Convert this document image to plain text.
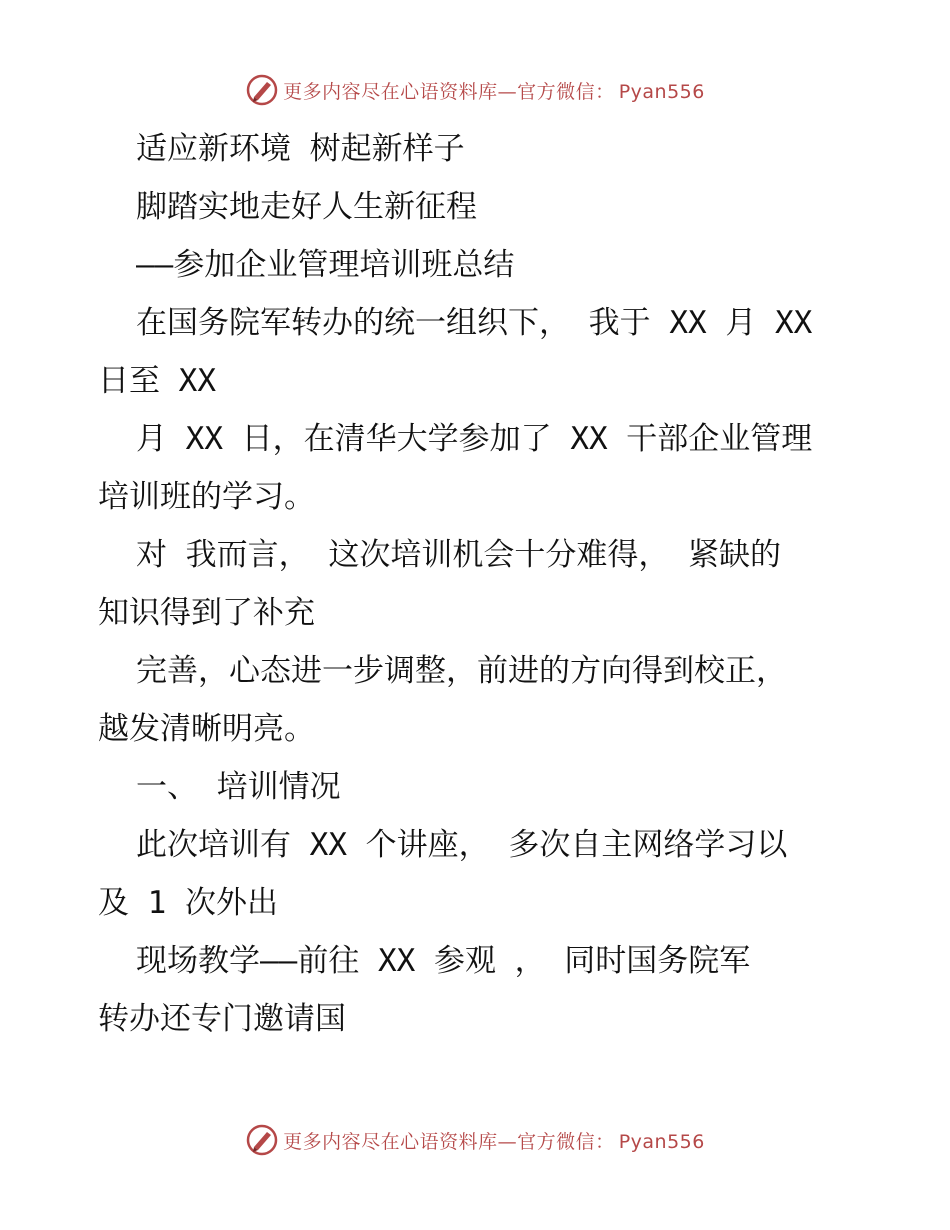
更多内容尽在心语资料库—官方微信： Pyan556
适应新环境 树起新样子
脚踏实地走好人生新征程
——参加企业管理培训班总结
在国务院军转办的统一组织下， 我于 XX 月 XX
日至 XX
月 XX 日，在清华大学参加了 XX 干部企业管理
培训班的学习。
对 我而言， 这次培训机会十分难得， 紧缺的
知识得到了补充
完善，心态进一步调整，前进的方向得到校正，
越发清晰明亮。
一、 培训情况
此次培训有 XX 个讲座， 多次自主网络学习以
及 1 次外出
现场教学——前往 XX 参观 ， 同时国务院军
转办还专门邀请国
更多内容尽在心语资料库—官方微信： Pyan556
